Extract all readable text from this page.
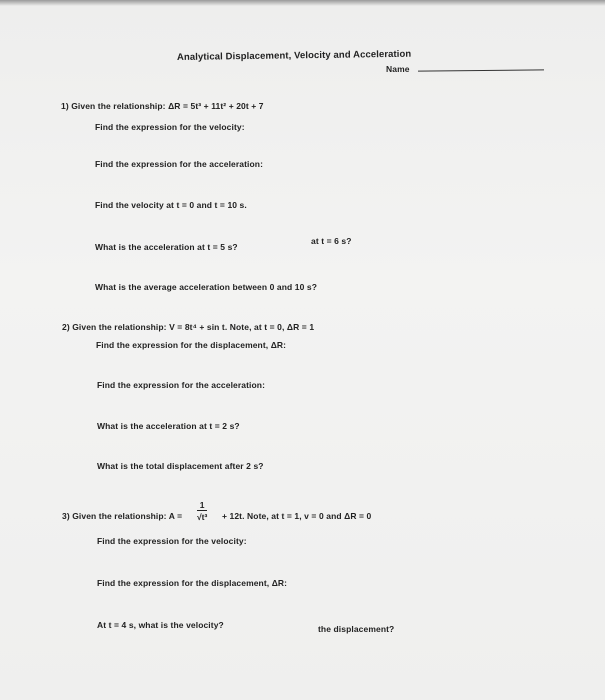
Analytical Displacement, Velocity and Acceleration
Name
1) Given the relationship: ΔR = 5t³ + 11t² + 20t + 7
Find the expression for the velocity:
Find the expression for the acceleration:
Find the velocity at t = 0 and t = 10 s.
What is the acceleration at t = 5 s?
at t = 6 s?
What is the average acceleration between 0 and 10 s?
2) Given the relationship: V = 8t⁴ + sin t. Note, at t = 0, ΔR = 1
Find the expression for the displacement, ΔR:
Find the expression for the acceleration:
What is the acceleration at t = 2 s?
What is the total displacement after 2 s?
3) Given the relationship: $A = \frac{1}{\text{√t³}} + 12t$. Note, at t = 1, v = 0 and ΔR = 0
Find the expression for the velocity:
Find the expression for the displacement, ΔR:
At t = 4 s, what is the velocity?	the displacement?
